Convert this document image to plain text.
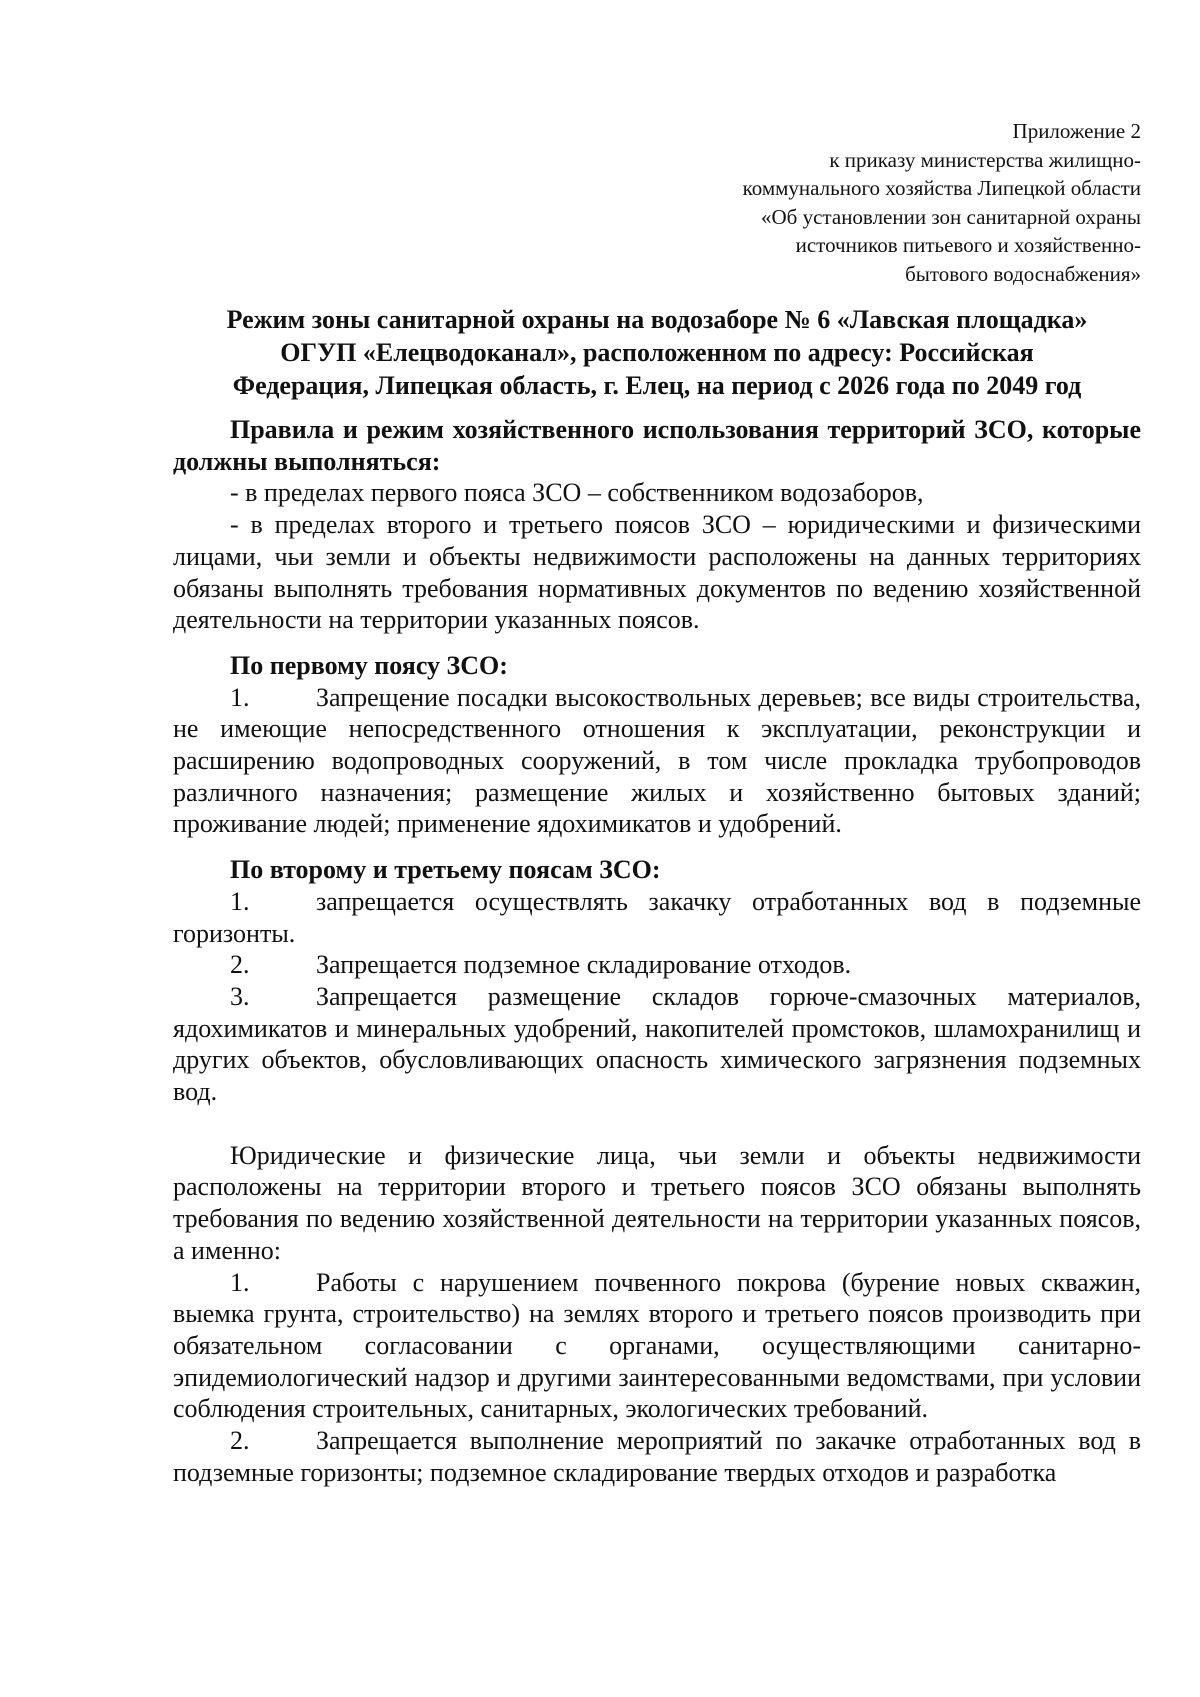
Приложение 2
к приказу министерства жилищно-
коммунального хозяйства Липецкой области
«Об установлении зон санитарной охраны
источников питьевого и хозяйственно-
бытового водоснабжения»
Режим зоны санитарной охраны на водозаборе № 6 «Лавская площадка»
ОГУП «Елецводоканал», расположенном по адресу: Российская
Федерация, Липецкая область, г. Елец, на период с 2026 года по 2049 год

Правила и режим хозяйственного использования территорий ЗСО, которые должны выполняться:

- в пределах первого пояса ЗСО – собственником водозаборов,

- в пределах второго и третьего поясов ЗСО – юридическими и физическими лицами, чьи земли и объекты недвижимости расположены на данных территориях обязаны выполнять требования нормативных документов по ведению хозяйственной деятельности на территории указанных поясов.

По первому поясу ЗСО:

1.	Запрещение посадки высокоствольных деревьев; все виды строительства, не имеющие непосредственного отношения к эксплуатации, реконструкции и расширению водопроводных сооружений, в том числе прокладка трубопроводов различного назначения; размещение жилых и хозяйственно бытовых зданий; проживание людей; применение ядохимикатов и удобрений.

По второму и третьему поясам ЗСО:

1.	запрещается осуществлять закачку отработанных вод в подземные горизонты.

2.	Запрещается подземное складирование отходов.

3.	Запрещается размещение складов горюче-смазочных материалов, ядохимикатов и минеральных удобрений, накопителей промстоков, шламохранилищ и других объектов, обусловливающих опасность химического загрязнения подземных вод.

Юридические и физические лица, чьи земли и объекты недвижимости расположены на территории второго и третьего поясов ЗСО обязаны выполнять требования по ведению хозяйственной деятельности на территории указанных поясов, а именно:

1.	Работы с нарушением почвенного покрова (бурение новых скважин, выемка грунта, строительство) на землях второго и третьего поясов производить при обязательном согласовании с органами, осуществляющими санитарно-эпидемиологический надзор и другими заинтересованными ведомствами, при условии соблюдения строительных, санитарных, экологических требований.

2.	Запрещается выполнение мероприятий по закачке отработанных вод в подземные горизонты; подземное складирование твердых отходов и разработка
